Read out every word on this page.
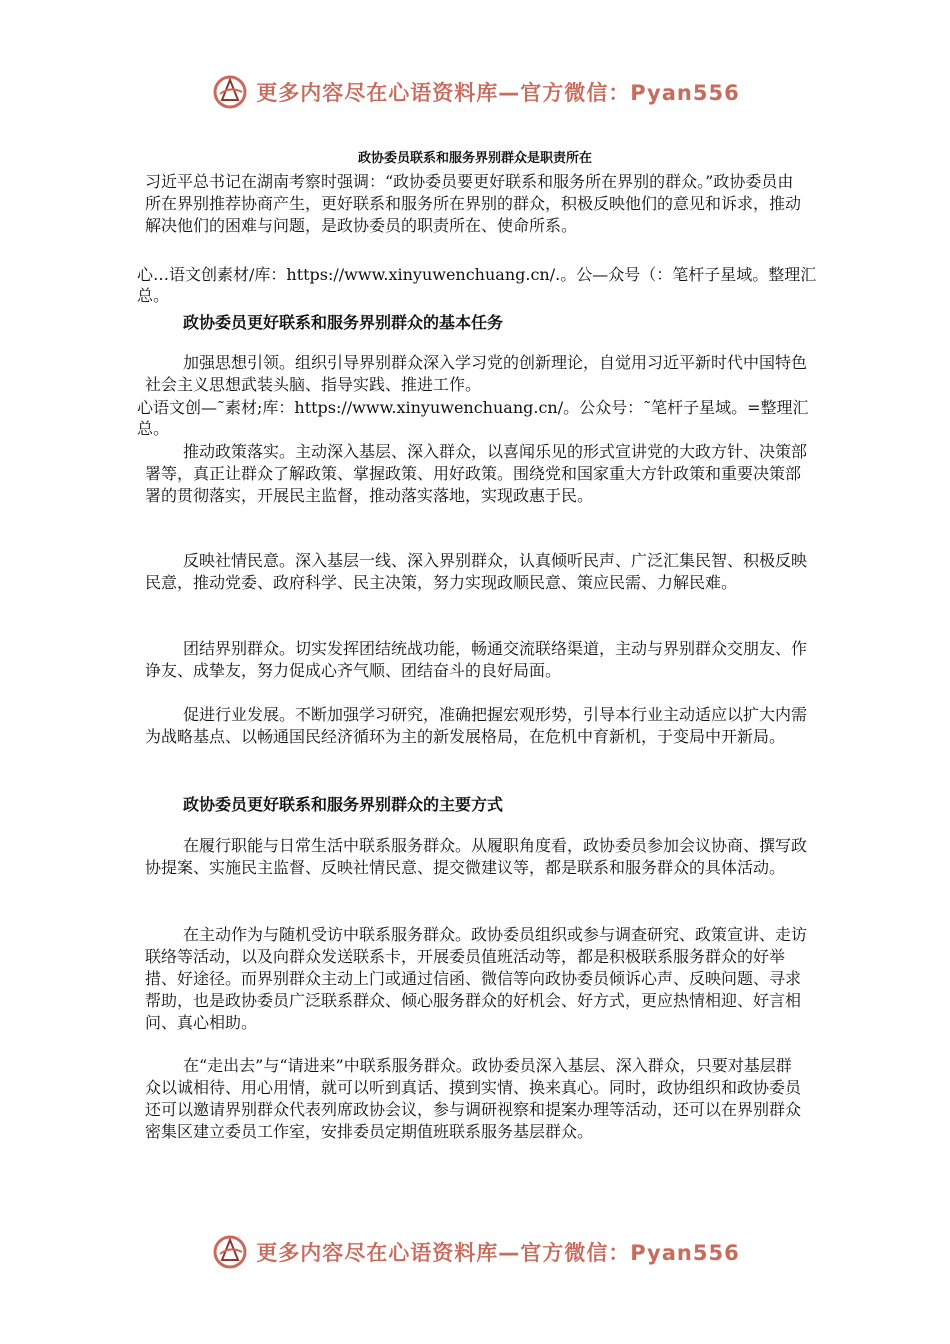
更多内容尽在心语资料库—官方微信：Pyan556
政协委员联系和服务界别群众是职责所在

习近平总书记在湖南考察时强调：“政协委员要更好联系和服务所在界别的群众。”政协委员由所在界别推荐协商产生，更好联系和服务所在界别的群众，积极反映他们的意见和诉求，推动解决他们的困难与问题，是政协委员的职责所在、使命所系。

心…语文创素材/库：https://www.xinyuwenchuang.cn/.。公—众号（：笔杆子星域。整理汇总。

政协委员更好联系和服务界别群众的基本任务

加强思想引领。组织引导界别群众深入学习党的创新理论，自觉用习近平新时代中国特色社会主义思想武装头脑、指导实践、推进工作。

心语文创—˜素材;库：https://www.xinyuwenchuang.cn/。公众号：˜笔杆子星域。=整理汇总。

推动政策落实。主动深入基层、深入群众，以喜闻乐见的形式宣讲党的大政方针、决策部署等，真正让群众了解政策、掌握政策、用好政策。围绕党和国家重大方针政策和重要决策部署的贯彻落实，开展民主监督，推动落实落地，实现政惠于民。

反映社情民意。深入基层一线、深入界别群众，认真倾听民声、广泛汇集民智、积极反映民意，推动党委、政府科学、民主决策，努力实现政顺民意、策应民需、力解民难。

团结界别群众。切实发挥团结统战功能，畅通交流联络渠道，主动与界别群众交朋友、作诤友、成挚友，努力促成心齐气顺、团结奋斗的良好局面。

促进行业发展。不断加强学习研究，准确把握宏观形势，引导本行业主动适应以扩大内需为战略基点、以畅通国民经济循环为主的新发展格局，在危机中育新机，于变局中开新局。

政协委员更好联系和服务界别群众的主要方式

在履行职能与日常生活中联系服务群众。从履职角度看，政协委员参加会议协商、撰写政协提案、实施民主监督、反映社情民意、提交微建议等，都是联系和服务群众的具体活动。

在主动作为与随机受访中联系服务群众。政协委员组织或参与调查研究、政策宣讲、走访联络等活动，以及向群众发送联系卡，开展委员值班活动等，都是积极联系服务群众的好举措、好途径。而界别群众主动上门或通过信函、微信等向政协委员倾诉心声、反映问题、寻求帮助，也是政协委员广泛联系群众、倾心服务群众的好机会、好方式，更应热情相迎、好言相问、真心相助。

在“走出去”与“请进来”中联系服务群众。政协委员深入基层、深入群众，只要对基层群众以诚相待、用心用情，就可以听到真话、摸到实情、换来真心。同时，政协组织和政协委员还可以邀请界别群众代表列席政协会议，参与调研视察和提案办理等活动，还可以在界别群众密集区建立委员工作室，安排委员定期值班联系服务基层群众。

更多内容尽在心语资料库—官方微信：Pyan556
